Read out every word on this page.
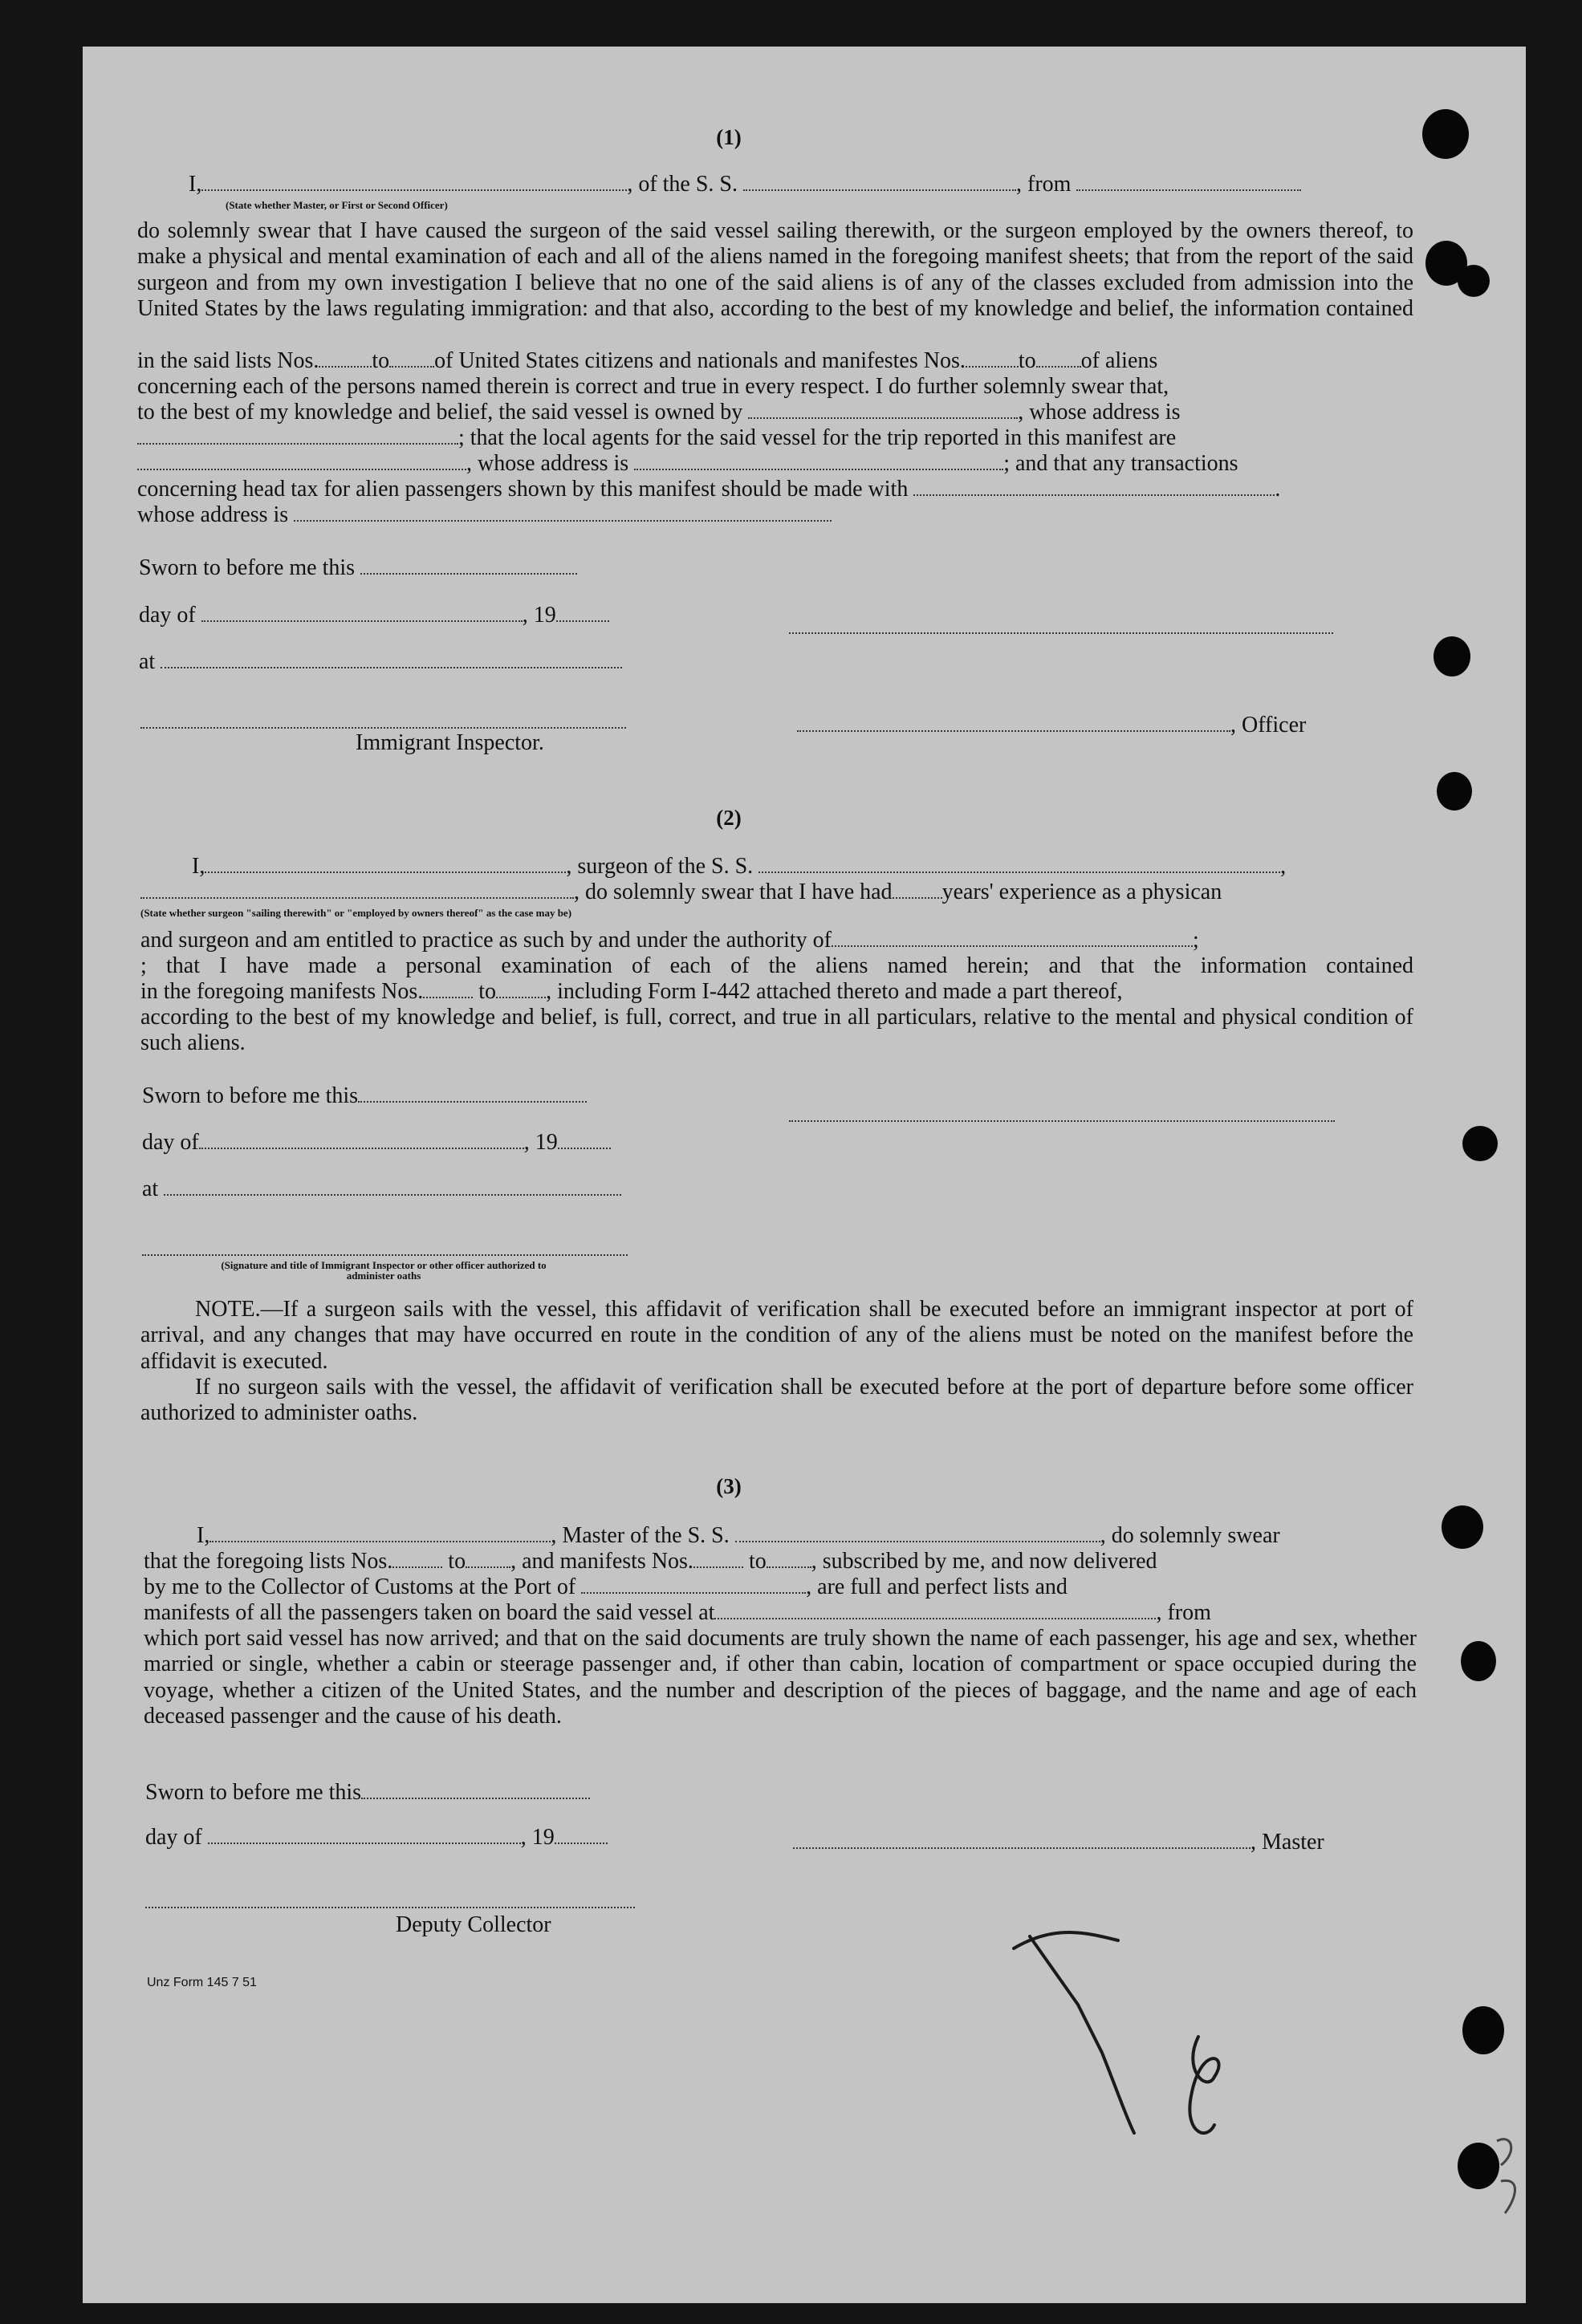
(1)
I,	, of the S. S.	, from
(State whether Master, or First or Second Officer)
do solemnly swear that I have caused the surgeon of the said vessel sailing therewith, or the surgeon employed by the owners thereof, to make a physical and mental examination of each and all of the aliens named in the foregoing manifest sheets; that from the report of the said surgeon and from my own investigation I believe that no one of the said aliens is of any of the classes excluded from admission into the United States by the laws regulating immigration: and that also, according to the best of my knowledge and belief, the information contained
in the said lists Nos. to of United States citizens and nationals and manifestes Nos. to of aliens
concerning each of the persons named therein is correct and true in every respect. I do further solemnly swear that,
to the best of my knowledge and belief, the said vessel is owned by	, whose address is
; that the local agents for the said vessel for the trip reported in this manifest are
, whose address is	; and that any transactions
concerning head tax for alien passengers shown by this manifest should be made with	.
whose address is
Sworn to before me this
day of	, 19
at
Immigrant Inspector.
, Officer
(2)
I,	, surgeon of the S. S.	,
, do solemnly swear that I have had years' experience as a physican
(State whether surgeon "sailing therewith" or "employed by owners thereof" as the case may be)
and surgeon and am entitled to practice as such by and under the authority of	;
; that I have made a personal examination of each of the aliens named herein; and that the information contained
in the foregoing manifests Nos. to , including Form I-442 attached thereto and made a part thereof,
according to the best of my knowledge and belief, is full, correct, and true in all particulars, relative to the mental and physical condition of such aliens.
Sworn to before me this
day of	, 19
at
(Signature and title of Immigrant Inspector or other officer authorized to administer oaths
NOTE.—If a surgeon sails with the vessel, this affidavit of verification shall be executed before an immigrant inspector at port of arrival, and any changes that may have occurred en route in the condition of any of the aliens must be noted on the manifest before the affidavit is executed.
If no surgeon sails with the vessel, the affidavit of verification shall be executed before at the port of departure before some officer authorized to administer oaths.
(3)
I,	, Master of the S. S.	, do solemnly swear
that the foregoing lists Nos. to , and manifests Nos. to , subscribed by me, and now delivered
by me to the Collector of Customs at the Port of	, are full and perfect lists and
manifests of all the passengers taken on board the said vessel at	, from
which port said vessel has now arrived; and that on the said documents are truly shown the name of each passenger, his age and sex, whether married or single, whether a cabin or steerage passenger and, if other than cabin, location of compartment or space occupied during the voyage, whether a citizen of the United States, and the number and description of the pieces of baggage, and the name and age of each deceased passenger and the cause of his death.
Sworn to before me this
day of	, 19	, Master
Deputy Collector
Unz Form 145 7 51
